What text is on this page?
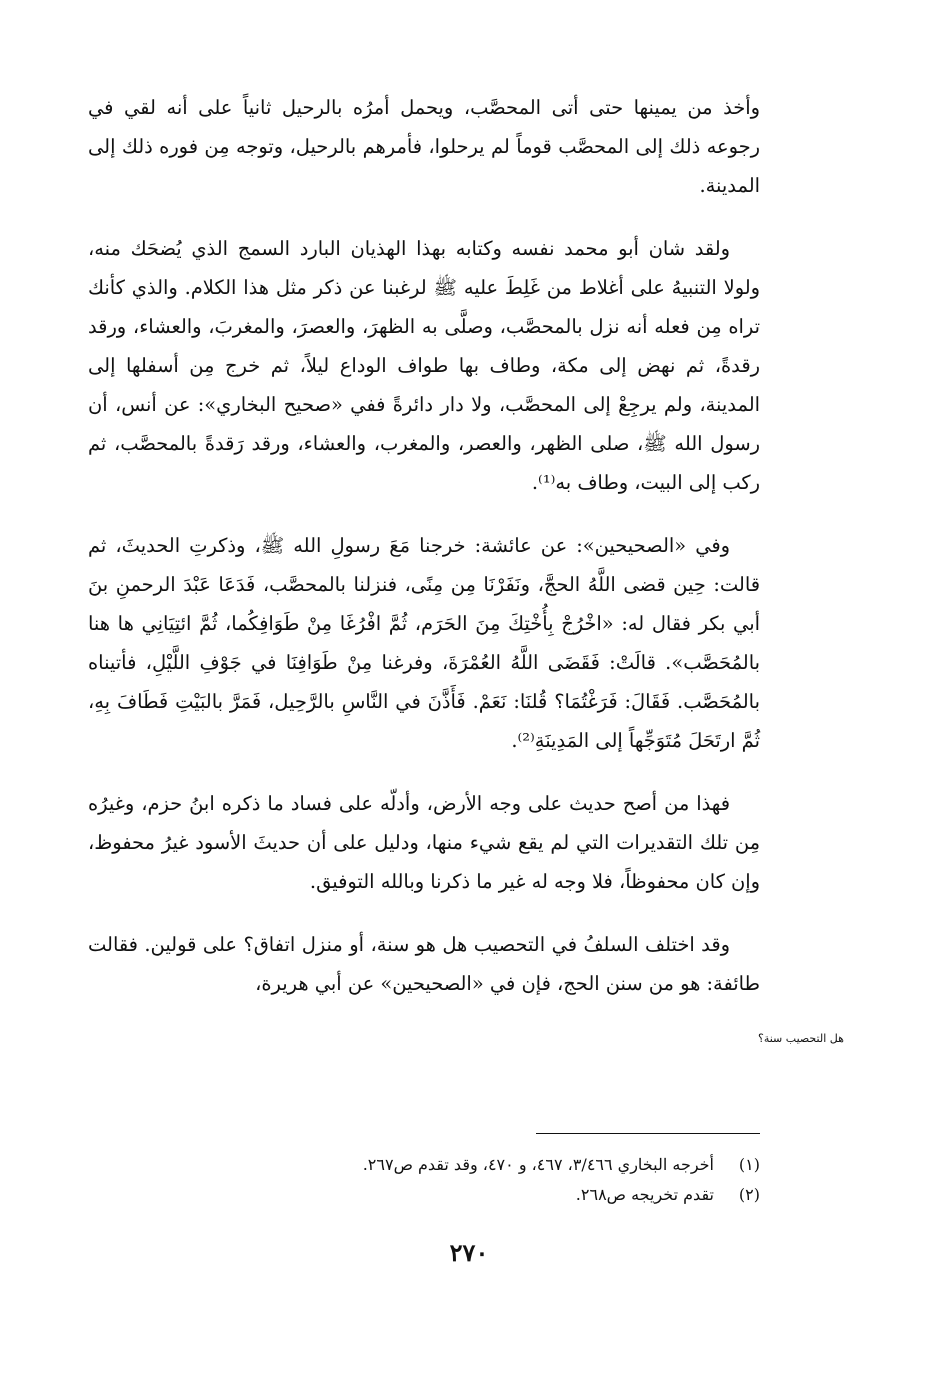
وأخذ من يمينها حتى أتى المحصَّب، ويحمل أمرُه بالرحيل ثانياً على أنه لقي في رجوعه ذلك إلى المحصَّب قوماً لم يرحلوا، فأمرهم بالرحيل، وتوجه مِن فوره ذلك إلى المدينة.

ولقد شان أبو محمد نفسه وكتابه بهذا الهذيان البارد السمج الذي يُضحَك منه، ولولا التنبيهُ على أغلاط من غَلِطَ عليه ﷺ لرغبنا عن ذكر مثل هذا الكلام. والذي كأنك تراه مِن فعله أنه نزل بالمحصَّب، وصلَّى به الظهرَ، والعصرَ، والمغربَ، والعشاء، ورقد رقدةً، ثم نهض إلى مكة، وطاف بها طواف الوداع ليلاً، ثم خرج مِن أسفلها إلى المدينة، ولم يرجِعْ إلى المحصَّب، ولا دار دائرةً ففي «صحيح البخاري»: عن أنس، أن رسول الله ﷺ، صلى الظهر، والعصر، والمغرب، والعشاء، ورقد رَقدةً بالمحصَّب، ثم ركب إلى البيت، وطاف به⁽¹⁾.

وفي «الصحيحين»: عن عائشة: خرجنا مَعَ رسولِ الله ﷺ، وذكرتِ الحديثَ، ثم قالت: حِين قضى اللَّهُ الحجَّ، ونَفَرْنَا مِن مِنًى، فنزلنا بالمحصَّب، فَدَعَا عَبْدَ الرحمنِ بنَ أبي بكر فقال له: «اخْرُجْ بِأُخْتِكَ مِنَ الحَرَم، ثُمَّ افْرُغَا مِنْ طَوَافِكُما، ثُمَّ ائتِيَانِي ها هنا بالمُحَصَّب». قالَتْ: فَقَضَى اللَّهُ العُمْرَةَ، وفرغنا مِنْ طَوَافِنَا في جَوْفِ اللَّيْلِ، فأتيناه بالمُحَصَّب. فَقَالَ: فَرَغْتُمَا؟ قُلنَا: نَعَمْ. فَأَذَّنَ في النَّاسِ بالرَّحِيل، فَمَرَّ بالبَيْتِ فَطَافَ بِهِ، ثُمَّ ارتَحَلَ مُتَوَجِّهاً إلى المَدِينَةِ⁽²⁾.

فهذا من أصح حديث على وجه الأرض، وأدلّه على فساد ما ذكره ابنُ حزم، وغيرُه مِن تلك التقديرات التي لم يقع شيء منها، ودليل على أن حديثَ الأسود غيرُ محفوظ، وإن كان محفوظاً، فلا وجه له غير ما ذكرنا وبالله التوفيق.

وقد اختلف السلفُ في التحصيب هل هو سنة، أو منزل اتفاق؟ على قولين. فقالت طائفة: هو من سنن الحج، فإن في «الصحيحين» عن أبي هريرة،

هل التحصيب سنة؟
(١)
أخرجه البخاري ٣/٤٦٦، ٤٦٧، و ٤٧٠، وقد تقدم ص٢٦٧.
(٢)
تقدم تخريجه ص٢٦٨.
٢٧٠
